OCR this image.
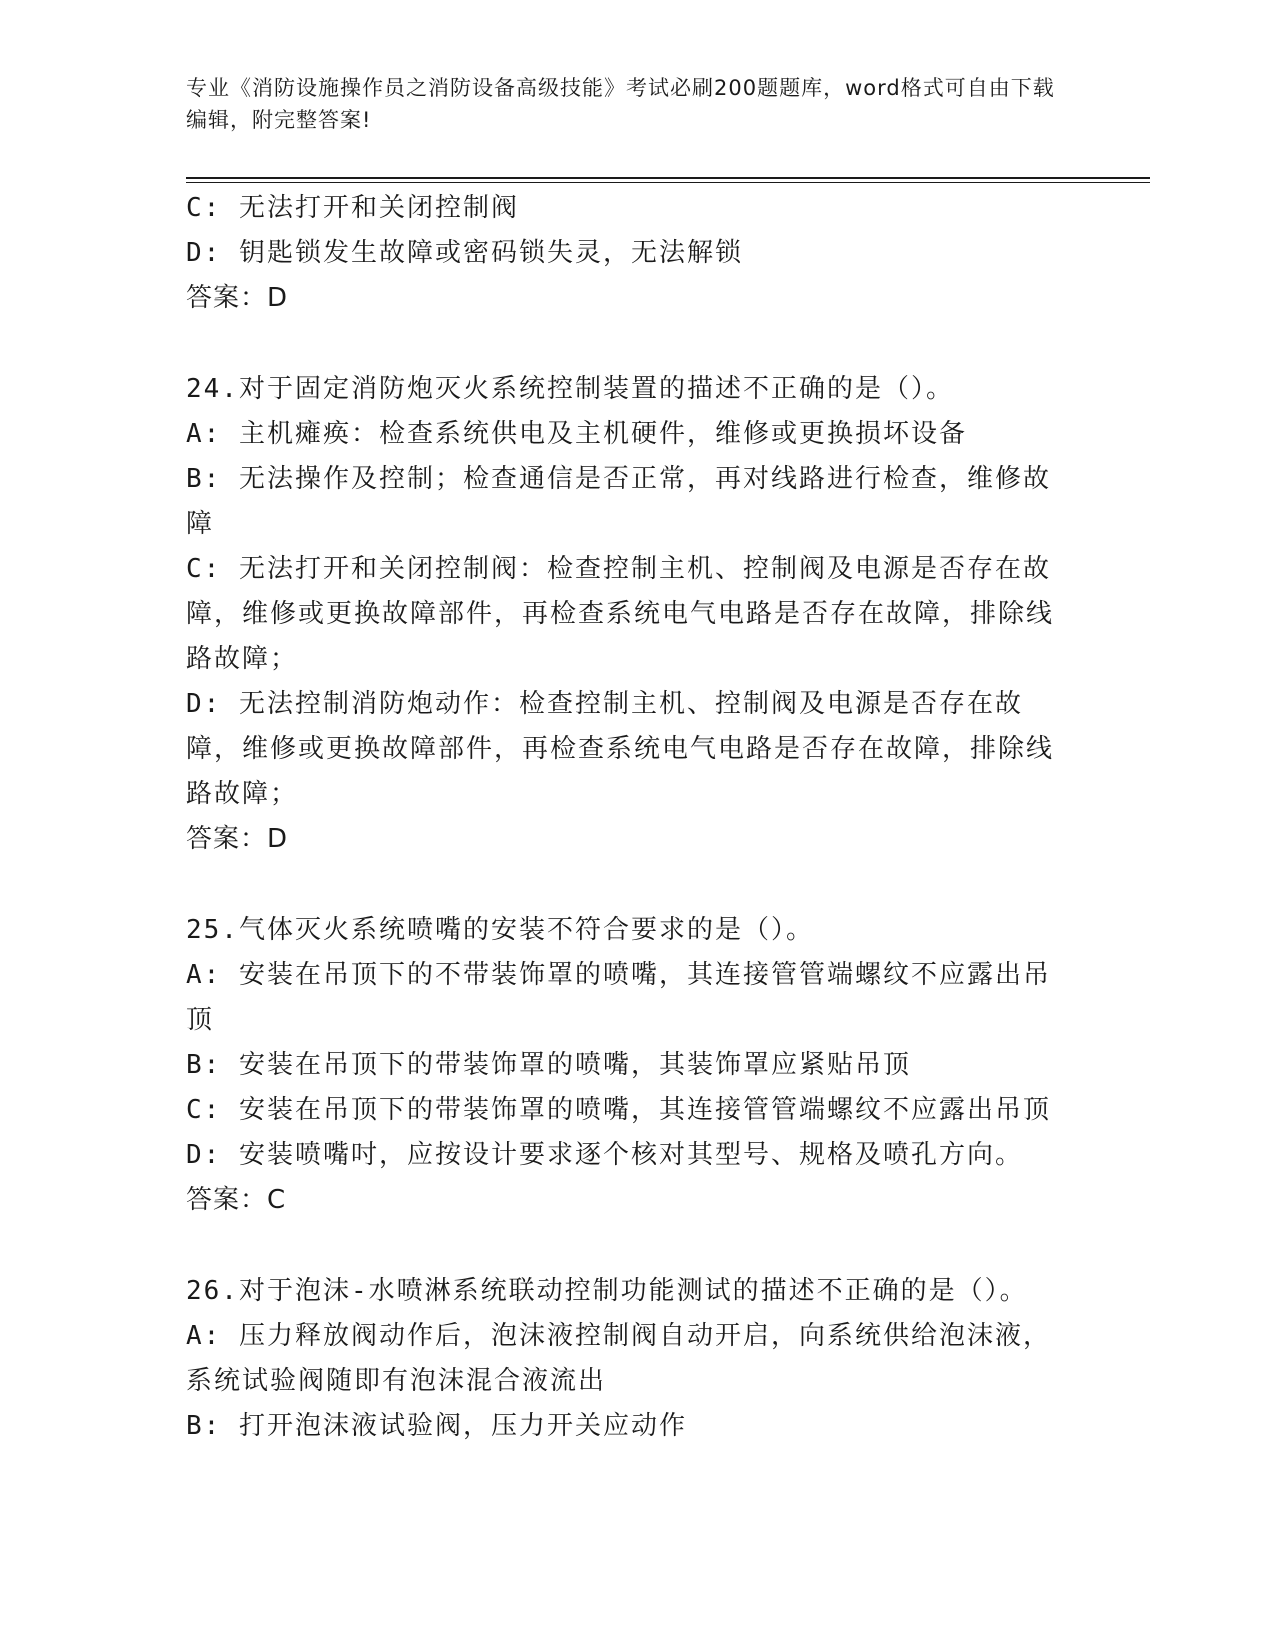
专业《消防设施操作员之消防设备高级技能》考试必刷200题题库，word格式可自由下载编辑，附完整答案!

C: 无法打开和关闭控制阀

D: 钥匙锁发生故障或密码锁失灵，无法解锁

答案：D

24.对于固定消防炮灭火系统控制装置的描述不正确的是（）。

A: 主机瘫痪：检查系统供电及主机硬件，维修或更换损坏设备

B: 无法操作及控制；检查通信是否正常，再对线路进行检查，维修故障

C: 无法打开和关闭控制阀：检查控制主机、控制阀及电源是否存在故障，维修或更换故障部件，再检查系统电气电路是否存在故障，排除线路故障；

D: 无法控制消防炮动作：检查控制主机、控制阀及电源是否存在故障，维修或更换故障部件，再检查系统电气电路是否存在故障，排除线路故障；

答案：D

25.气体灭火系统喷嘴的安装不符合要求的是（）。

A: 安装在吊顶下的不带装饰罩的喷嘴，其连接管管端螺纹不应露出吊顶

B: 安装在吊顶下的带装饰罩的喷嘴，其装饰罩应紧贴吊顶

C: 安装在吊顶下的带装饰罩的喷嘴，其连接管管端螺纹不应露出吊顶

D: 安装喷嘴吋，应按设计要求逐个核对其型号、规格及喷孔方向。

答案：C

26.对于泡沫-水喷淋系统联动控制功能测试的描述不正确的是（）。

A: 压力释放阀动作后，泡沫液控制阀自动开启，向系统供给泡沫液，系统试验阀随即有泡沫混合液流出

B: 打开泡沫液试验阀，压力开关应动作
